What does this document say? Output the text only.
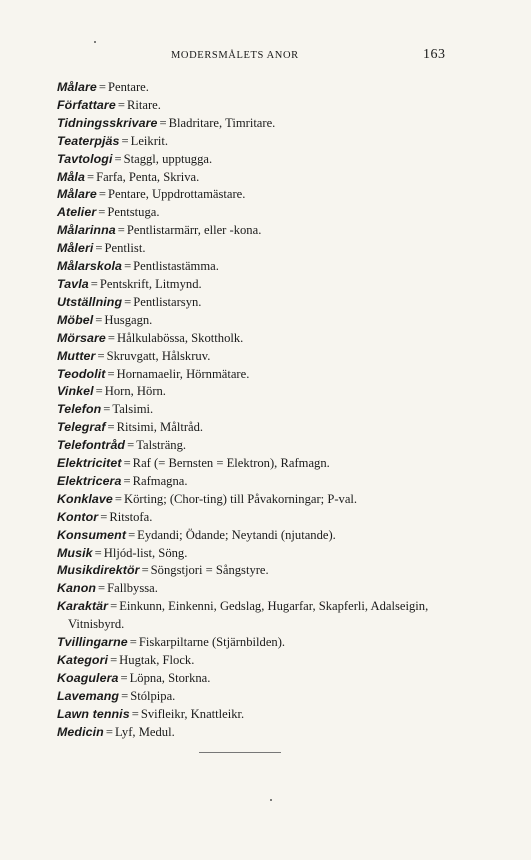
MODERSMÅLETS ANOR	163
Målare = Pentare.
Författare = Ritare.
Tidningsskrivare = Bladritare, Timritare.
Teaterpjäs = Leikrit.
Tavtologi = Staggl, upptugga.
Måla = Farfa, Penta, Skriva.
Målare = Pentare, Uppdrottamästare.
Atelier = Pentstuga.
Målarinna = Pentlistarmärr, eller -kona.
Måleri = Pentlist.
Målarskola = Pentlistastämma.
Tavla = Pentskrift, Litmynd.
Utställning = Pentlistarsyn.
Möbel = Husgagn.
Mörsare = Hålkulabössa, Skottholk.
Mutter = Skruvgatt, Hålskruv.
Teodolit = Hornamaelir, Hörnmätare.
Vinkel = Horn, Hörn.
Telefon = Talsimi.
Telegraf = Ritsimi, Måltråd.
Telefontråd = Talsträng.
Elektricitet = Raf (= Bernsten = Elektron), Rafmagn.
Elektricera = Rafmagna.
Konklave = Körting; (Chor-ting) till Påvakorningar; P-val.
Kontor = Ritstofa.
Konsument = Eydandi; Ödande; Neytandi (njutande).
Musik = Hljód-list, Söng.
Musikdirektör = Söngstjori = Sångstyre.
Kanon = Fallbyssa.
Karaktär = Einkunn, Einkenni, Gedslag, Hugarfar, Skapferli, Adalseigin,
Vitnisbyrd.
Tvillingarne = Fiskarpiltarne (Stjärnbilden).
Kategori = Hugtak, Flock.
Koagulera = Löpna, Storkna.
Lavemang = Stólpipa.
Lawn tennis = Svifleikr, Knattleikr.
Medicin = Lyf, Medul.
